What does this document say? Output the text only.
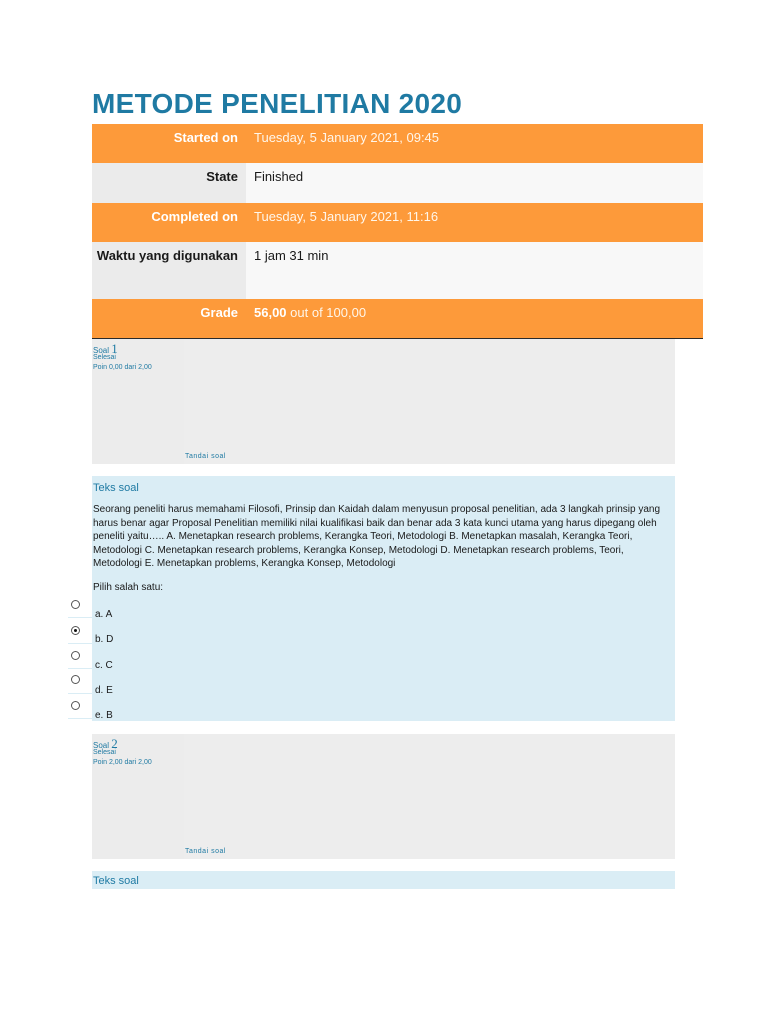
METODE PENELITIAN 2020
Started on	Tuesday, 5 January 2021, 09:45
State	Finished
Completed on	Tuesday, 5 January 2021, 11:16
Waktu yang digunakan	1 jam 31 min
Grade	56,00 out of 100,00
Soal 1
Selesai
Poin 0,00 dari 2,00
Tandai soal
Teks soal
Seorang peneliti harus memahami Filosofi, Prinsip dan Kaidah dalam menyusun proposal penelitian, ada 3 langkah prinsip yang harus benar agar Proposal Penelitian memiliki nilai kualifikasi baik dan benar ada 3 kata kunci utama yang harus dipegang oleh peneliti yaitu….. A. Menetapkan research problems, Kerangka Teori, Metodologi B. Menetapkan masalah, Kerangka Teori, Metodologi C. Menetapkan research problems, Kerangka Konsep, Metodologi D. Menetapkan research problems, Teori, Metodologi E. Menetapkan problems, Kerangka Konsep, Metodologi
Pilih salah satu:
a. A
b. D
c. C
d. E
e. B
Soal 2
Selesai
Poin 2,00 dari 2,00
Tandai soal
Teks soal
